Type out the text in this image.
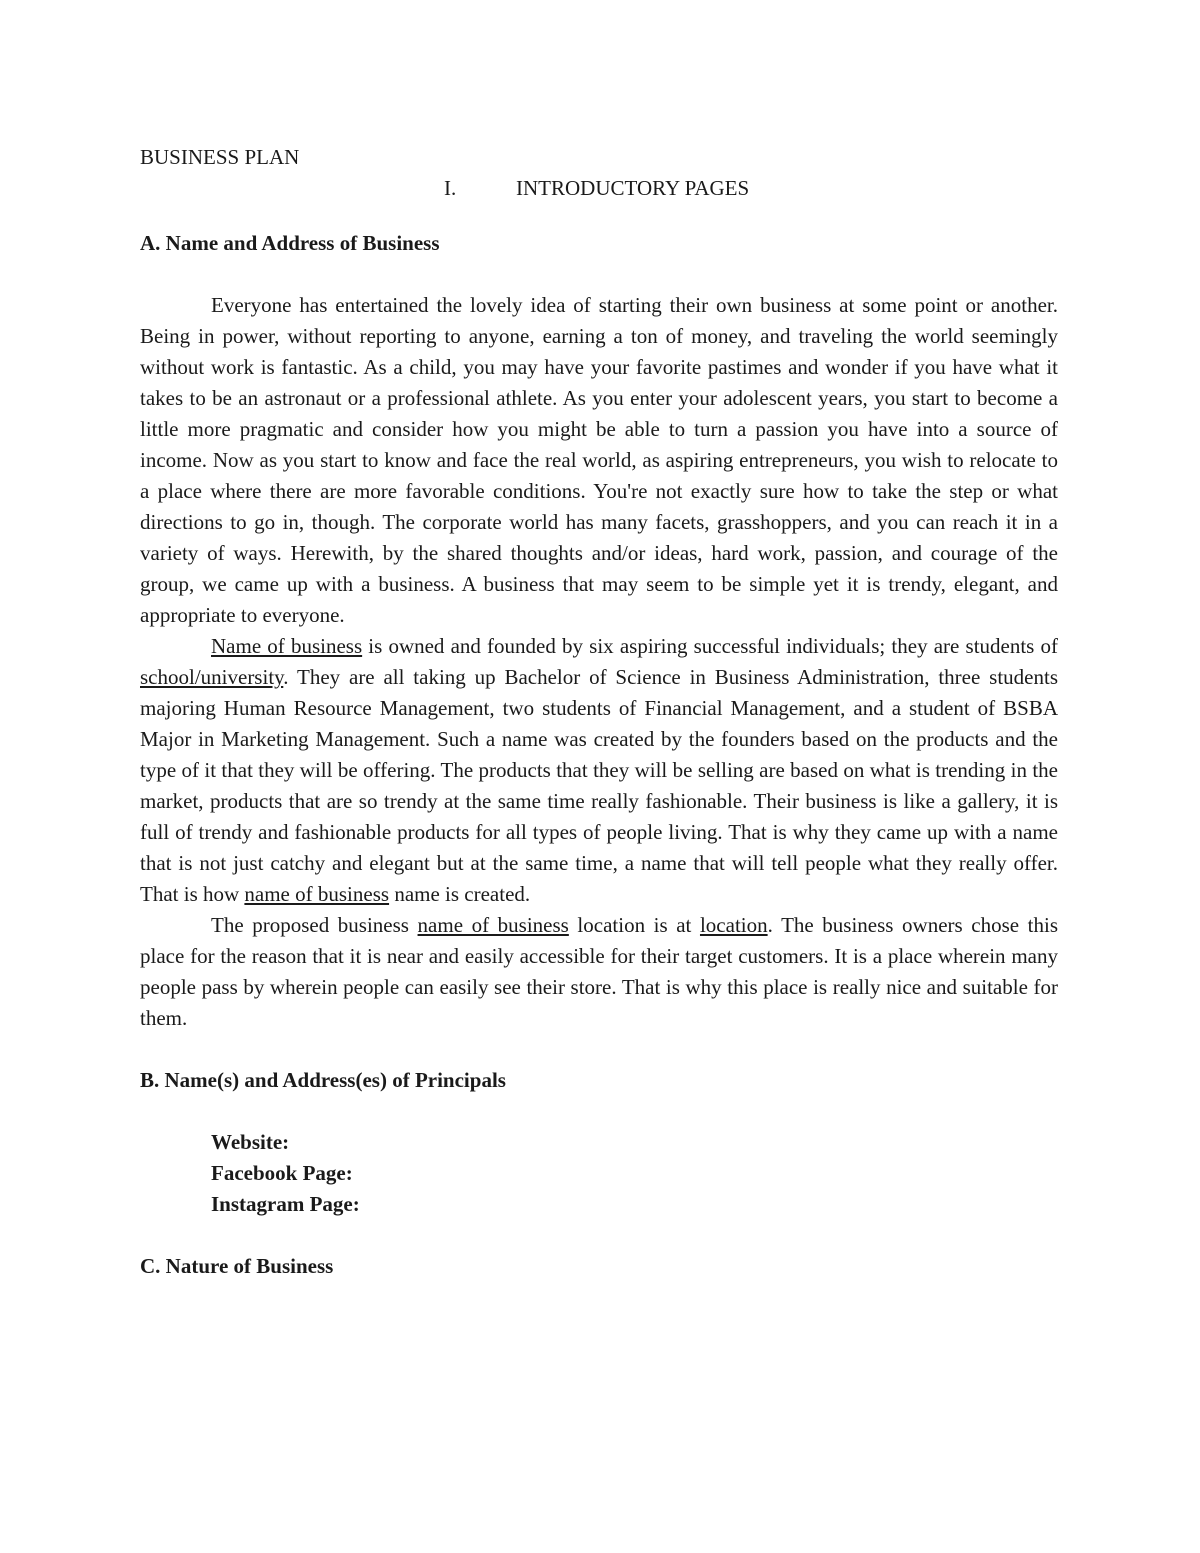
BUSINESS PLAN
I.	INTRODUCTORY PAGES
A. Name and Address of Business

Everyone has entertained the lovely idea of starting their own business at some point or another. Being in power, without reporting to anyone, earning a ton of money, and traveling the world seemingly without work is fantastic. As a child, you may have your favorite pastimes and wonder if you have what it takes to be an astronaut or a professional athlete. As you enter your adolescent years, you start to become a little more pragmatic and consider how you might be able to turn a passion you have into a source of income. Now as you start to know and face the real world, as aspiring entrepreneurs, you wish to relocate to a place where there are more favorable conditions. You're not exactly sure how to take the step or what directions to go in, though. The corporate world has many facets, grasshoppers, and you can reach it in a variety of ways. Herewith, by the shared thoughts and/or ideas, hard work, passion, and courage of the group, we came up with a business. A business that may seem to be simple yet it is trendy, elegant, and appropriate to everyone.

Name of business is owned and founded by six aspiring successful individuals; they are students of school/university. They are all taking up Bachelor of Science in Business Administration, three students majoring Human Resource Management, two students of Financial Management, and a student of BSBA Major in Marketing Management. Such a name was created by the founders based on the products and the type of it that they will be offering. The products that they will be selling are based on what is trending in the market, products that are so trendy at the same time really fashionable. Their business is like a gallery, it is full of trendy and fashionable products for all types of people living. That is why they came up with a name that is not just catchy and elegant but at the same time, a name that will tell people what they really offer. That is how name of business name is created.

The proposed business name of business location is at location. The business owners chose this place for the reason that it is near and easily accessible for their target customers. It is a place wherein many people pass by wherein people can easily see their store. That is why this place is really nice and suitable for them.

B. Name(s) and Address(es) of Principals
Website:
Facebook Page:
Instagram Page:
C. Nature of Business
